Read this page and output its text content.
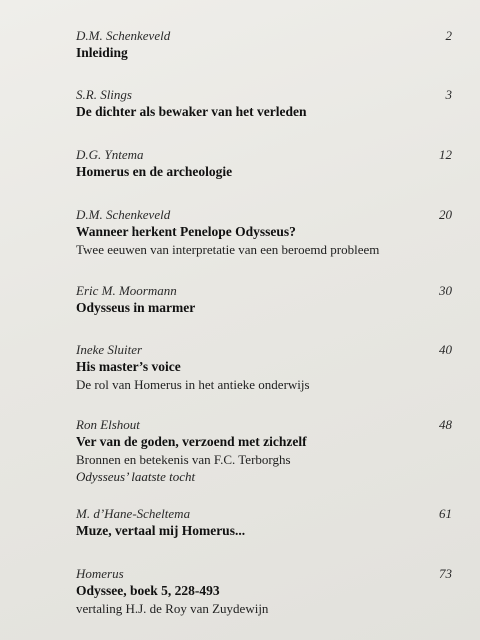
D.M. Schenkeveld	2
Inleiding
S.R. Slings	3
De dichter als bewaker van het verleden
D.G. Yntema	12
Homerus en de archeologie
D.M. Schenkeveld	20
Wanneer herkent Penelope Odysseus?
Twee eeuwen van interpretatie van een beroemd probleem
Eric M. Moormann	30
Odysseus in marmer
Ineke Sluiter	40
His master’s voice
De rol van Homerus in het antieke onderwijs
Ron Elshout	48
Ver van de goden, verzoend met zichzelf
Bronnen en betekenis van F.C. Terborghs
Odysseus’ laatste tocht
M. d’Hane-Scheltema	61
Muze, vertaal mij Homerus...
Homerus	73
Odyssee, boek 5, 228-493
vertaling H.J. de Roy van Zuydewijn
